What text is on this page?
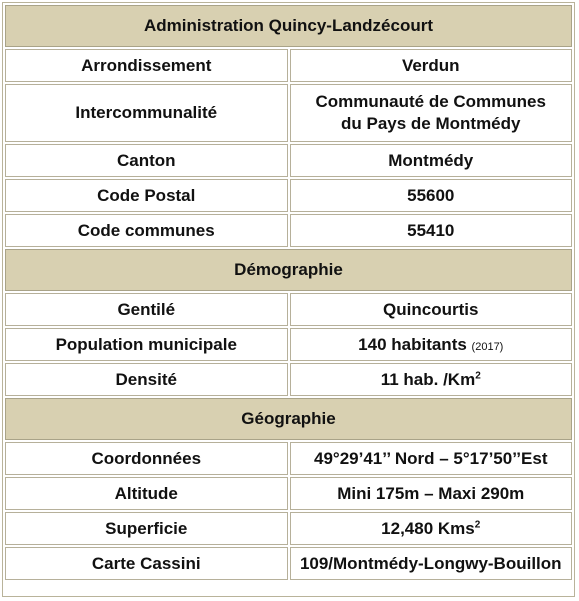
Administration Quincy-Landzécourt	
Arrondissement	Verdun
Intercommunalité	Communauté de Communes
du Pays de Montmédy
Canton	Montmédy
Code Postal	55600
Code communes	55410
Démographie	
Gentilé	Quincourtis
Population municipale	140 habitants (2017)
Densité	11 hab. /Km$^2$
Géographie	
Coordonnées	49°29’41’’ Nord – 5°17’50’’Est
Altitude	Mini 175m – Maxi 290m
Superficie	12,480 Kms$^2$
Carte Cassini	109/Montmédy-Longwy-Bouillon
